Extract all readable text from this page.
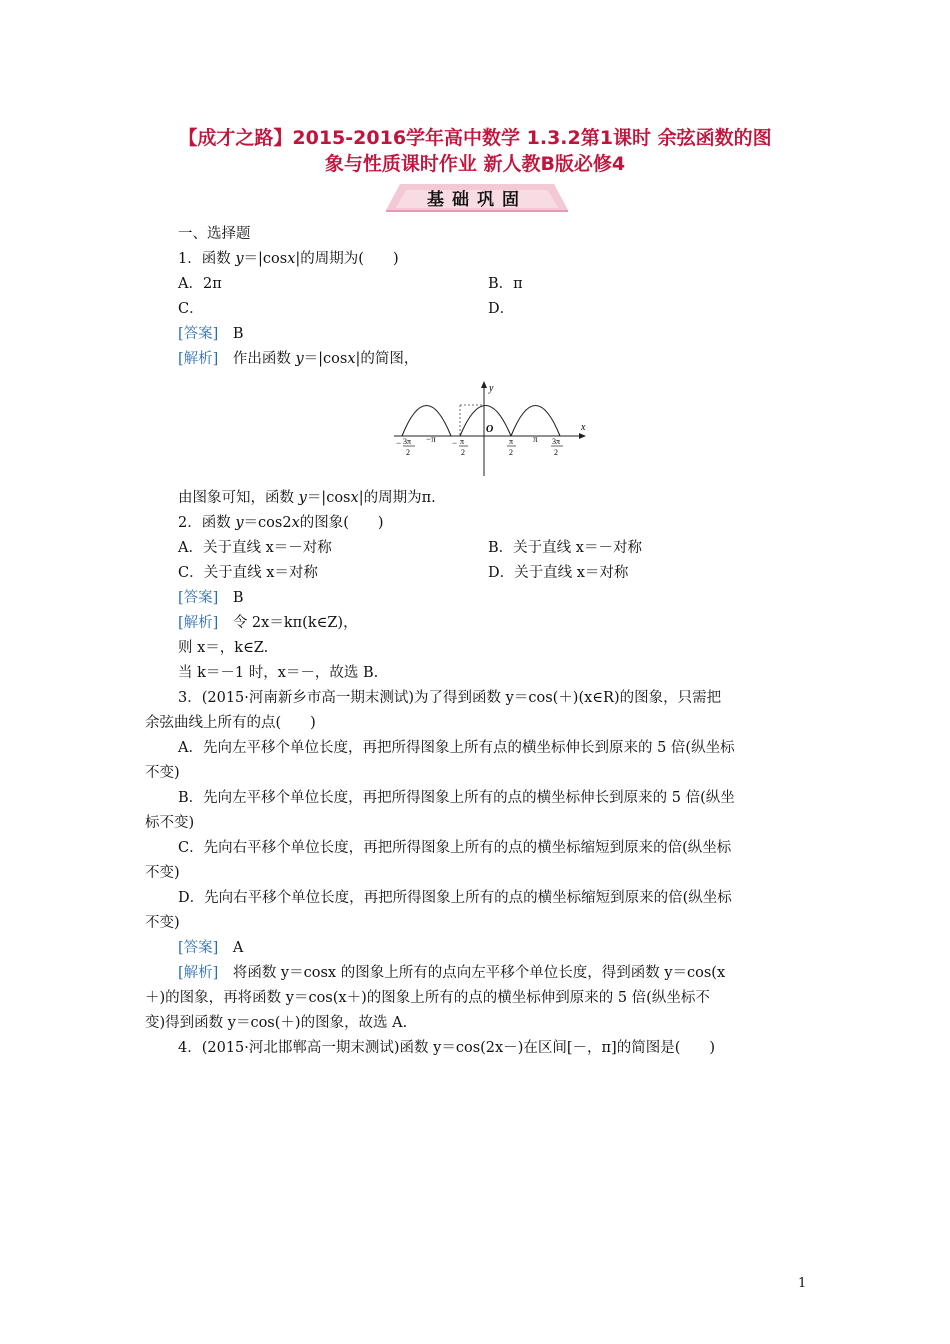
【成才之路】2015-2016学年高中数学 1.3.2第1课时 余弦函数的图
象与性质课时作业 新人教B版必修4
基础巩固
一、选择题
1．函数 y＝|cosx|的周期为(　　)
A．2π	B．π
C．	D．
[答案]　 B
[解析]　 作出函数 y＝|cosx|的简图，
y
x
O
− 3π
2
−π − π
2
π
2
π 3π
2
由图象可知，函数 y＝|cosx|的周期为π.
2．函数 y＝cos2x的图象(　　)
A．关于直线 x＝－对称	B．关于直线 x＝－对称
C．关于直线 x＝对称	D．关于直线 x＝对称
[答案]　 B
[解析]　 令 2x＝kπ(k∈Z)，
则 x＝，k∈Z.
当 k＝－1 时，x＝－，故选 B.
3．(2015·河南新乡市高一期末测试)为了得到函数 y＝cos(＋)(x∈R)的图象，只需把
余弦曲线上所有的点(　　)
A．先向左平移个单位长度，再把所得图象上所有点的横坐标伸长到原来的 5 倍(纵坐标
不变)
B．先向左平移个单位长度，再把所得图象上所有的点的横坐标伸长到原来的 5 倍(纵坐
标不变)
C．先向右平移个单位长度，再把所得图象上所有的点的横坐标缩短到原来的倍(纵坐标
不变)
D．先向右平移个单位长度，再把所得图象上所有的点的横坐标缩短到原来的倍(纵坐标
不变)
[答案]　 A
[解析]　 将函数 y＝cosx 的图象上所有的点向左平移个单位长度，得到函数 y＝cos(x
＋)的图象，再将函数 y＝cos(x＋)的图象上所有的点的横坐标伸到原来的 5 倍(纵坐标不
变)得到函数 y＝cos(＋)的图象，故选 A.
4．(2015·河北邯郸高一期末测试)函数 y＝cos(2x－)在区间[－，π]的简图是(　　)
1
